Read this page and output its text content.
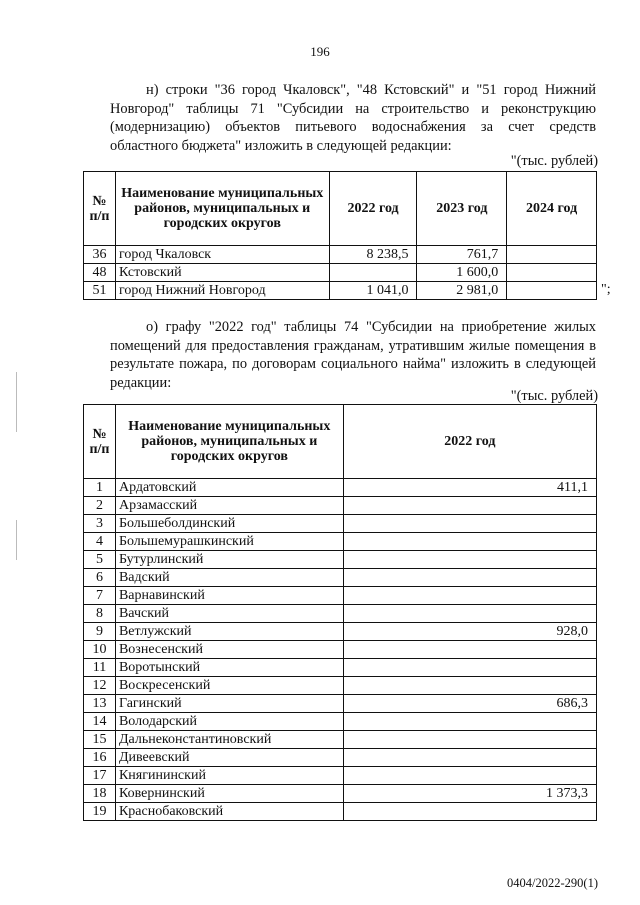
196

н) строки "36 город Чкаловск", "48 Кстовский" и "51 город Нижний Новгород" таблицы 71 "Субсидии на строительство и реконструкцию (модернизацию) объектов питьевого водоснабжения за счет средств областного бюджета" изложить в следующей редакции:

"(тыс. рублей)
№ п/п	Наименование муниципальных районов, муниципальных и городских округов	2022 год	2023 год	2024 год
36	город Чкаловск	8 238,5	761,7	
48	Кстовский		1 600,0	
51	город Нижний Новгород	1 041,0	2 981,0		";

о) графу "2022 год" таблицы 74 "Субсидии на приобретение жилых помещений для предоставления гражданам, утратившим жилые помещения в результате пожара, по договорам социального найма" изложить в следующей редакции:

"(тыс. рублей)
№ п/п	Наименование муниципальных районов, муниципальных и городских округов	2022 год
1	Ардатовский	411,1
2	Арзамасский	
3	Большеболдинский	
4	Большемурашкинский	
5	Бутурлинский	
6	Вадский	
7	Варнавинский	
8	Вачский	
9	Ветлужский	928,0
10	Вознесенский	
11	Воротынский	
12	Воскресенский	
13	Гагинский	686,3
14	Володарский	
15	Дальнеконстантиновский	
16	Дивеевский	
17	Княгининский	
18	Ковернинский	1 373,3
19	Краснобаковский	
0404/2022-290(1)
